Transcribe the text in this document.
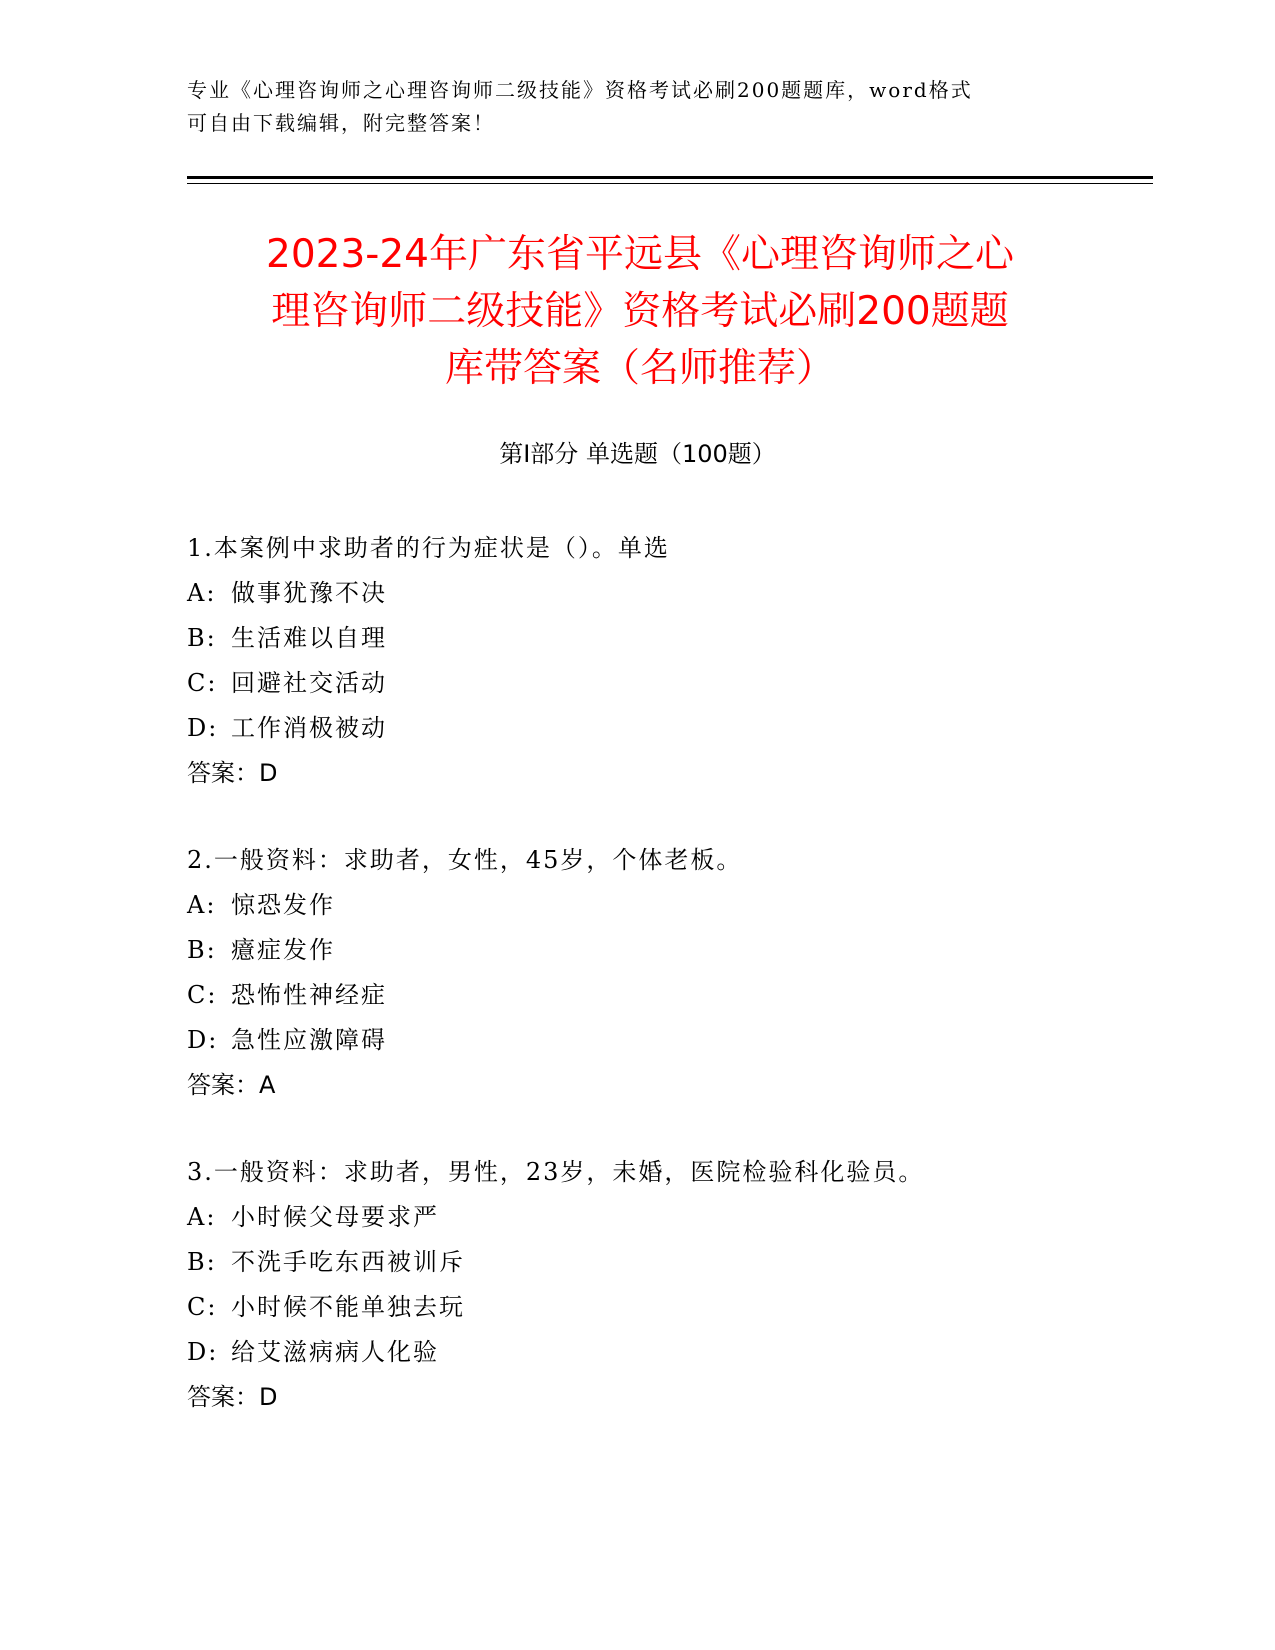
专业《心理咨询师之心理咨询师二级技能》资格考试必刷200题题库，word格式

可自由下载编辑，附完整答案！

2023-24年广东省平远县《心理咨询师之心
理咨询师二级技能》资格考试必刷200题题
库带答案（名师推荐）
第Ⅰ部分 单选题（100题）
1.本案例中求助者的行为症状是（）。单选
A: 做事犹豫不决
B: 生活难以自理
C: 回避社交活动
D: 工作消极被动
答案：D
2.一般资料：求助者，女性，45岁，个体老板。
A: 惊恐发作
B: 癔症发作
C: 恐怖性神经症
D: 急性应激障碍
答案：A
3.一般资料：求助者，男性，23岁，未婚，医院检验科化验员。
A: 小时候父母要求严
B: 不洗手吃东西被训斥
C: 小时候不能单独去玩
D: 给艾滋病病人化验
答案：D
